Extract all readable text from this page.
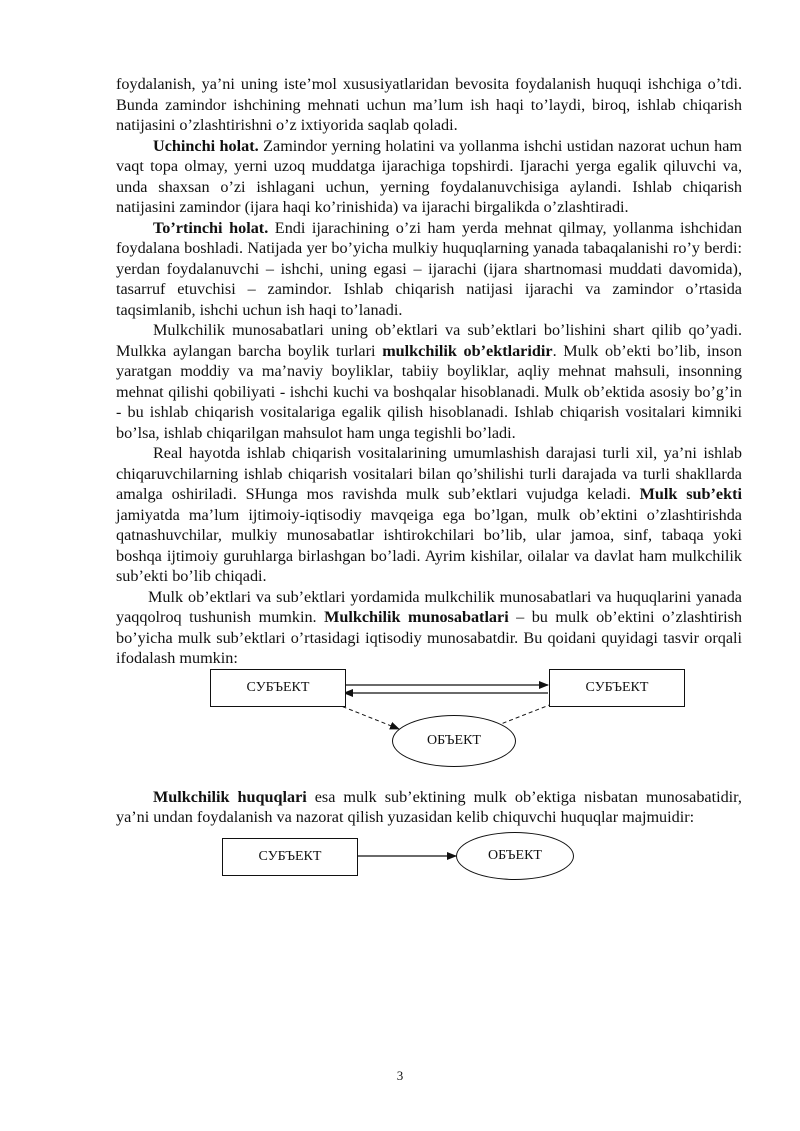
foydalanish, ya’ni uning iste’mol xususiyatlaridan bevosita foydalanish huquqi ishchiga o’tdi. Bunda zamindor ishchining mehnati uchun ma’lum ish haqi to’laydi, biroq, ishlab chiqarish natijasini o’zlashtirishni o’z ixtiyorida saqlab qoladi.

Uchinchi holat. Zamindor yerning holatini va yollanma ishchi ustidan nazorat uchun ham vaqt topa olmay, yerni uzoq muddatga ijarachiga topshirdi. Ijarachi yerga egalik qiluvchi va, unda shaxsan o’zi ishlagani uchun, yerning foydalanuvchisiga aylandi. Ishlab chiqarish natijasini zamindor (ijara haqi ko’rinishida) va ijarachi birgalikda o’zlashtiradi.

To’rtinchi holat. Endi ijarachining o’zi ham yerda mehnat qilmay, yollanma ishchidan foydalana boshladi. Natijada yer bo’yicha mulkiy huquqlarning yanada tabaqalanishi ro’y berdi: yerdan foydalanuvchi – ishchi, uning egasi – ijarachi (ijara shartnomasi muddati davomida), tasarruf etuvchisi – zamindor. Ishlab chiqarish natijasi ijarachi va zamindor o’rtasida taqsimlanib, ishchi uchun ish haqi to’lanadi.

Mulkchilik munosabatlari uning ob’ektlari va sub’ektlari bo’lishini shart qilib qo’yadi. Mulkka aylangan barcha boylik turlari mulkchilik ob’ektlaridir. Mulk ob’ekti bo’lib, inson yaratgan moddiy va ma’naviy boyliklar, tabiiy boyliklar, aqliy mehnat mahsuli, insonning mehnat qilishi qobiliyati - ishchi kuchi va boshqalar hisoblanadi. Mulk ob’ektida asosiy bo’g’in - bu ishlab chiqarish vositalariga egalik qilish hisoblanadi. Ishlab chiqarish vositalari kimniki bo’lsa, ishlab chiqarilgan mahsulot ham unga tegishli bo’ladi.

Real hayotda ishlab chiqarish vositalarining umumlashish darajasi turli xil, ya’ni ishlab chiqaruvchilarning ishlab chiqarish vositalari bilan qo’shilishi turli darajada va turli shakllarda amalga oshiriladi. SHunga mos ravishda mulk sub’ektlari vujudga keladi. Mulk sub’ekti jamiyatda ma’lum ijtimoiy-iqtisodiy mavqeiga ega bo’lgan, mulk ob’ektini o’zlashtirishda qatnashuvchilar, mulkiy munosabatlar ishtirokchilari bo’lib, ular jamoa, sinf, tabaqa yoki boshqa ijtimoiy guruhlarga birlashgan bo’ladi. Ayrim kishilar, oilalar va davlat ham mulkchilik sub’ekti bo’lib chiqadi.

Mulk ob’ektlari va sub’ektlari yordamida mulkchilik munosabatlari va huquqlarini yanada yaqqolroq tushunish mumkin. Mulkchilik munosabatlari – bu mulk ob’ektini o’zlashtirish bo’yicha mulk sub’ektlari o’rtasidagi iqtisodiy munosabatdir. Bu qoidani quyidagi tasvir orqali ifodalash mumkin:

СУБЪЕКТ	СУБЪЕКТ
ОБЪЕКТ

Mulkchilik huquqlari esa mulk sub’ektining mulk ob’ektiga nisbatan munosabatidir, ya’ni undan foydalanish va nazorat qilish yuzasidan kelib chiquvchi huquqlar majmuidir:

СУБЪЕКТ	ОБЪЕКТ
3
